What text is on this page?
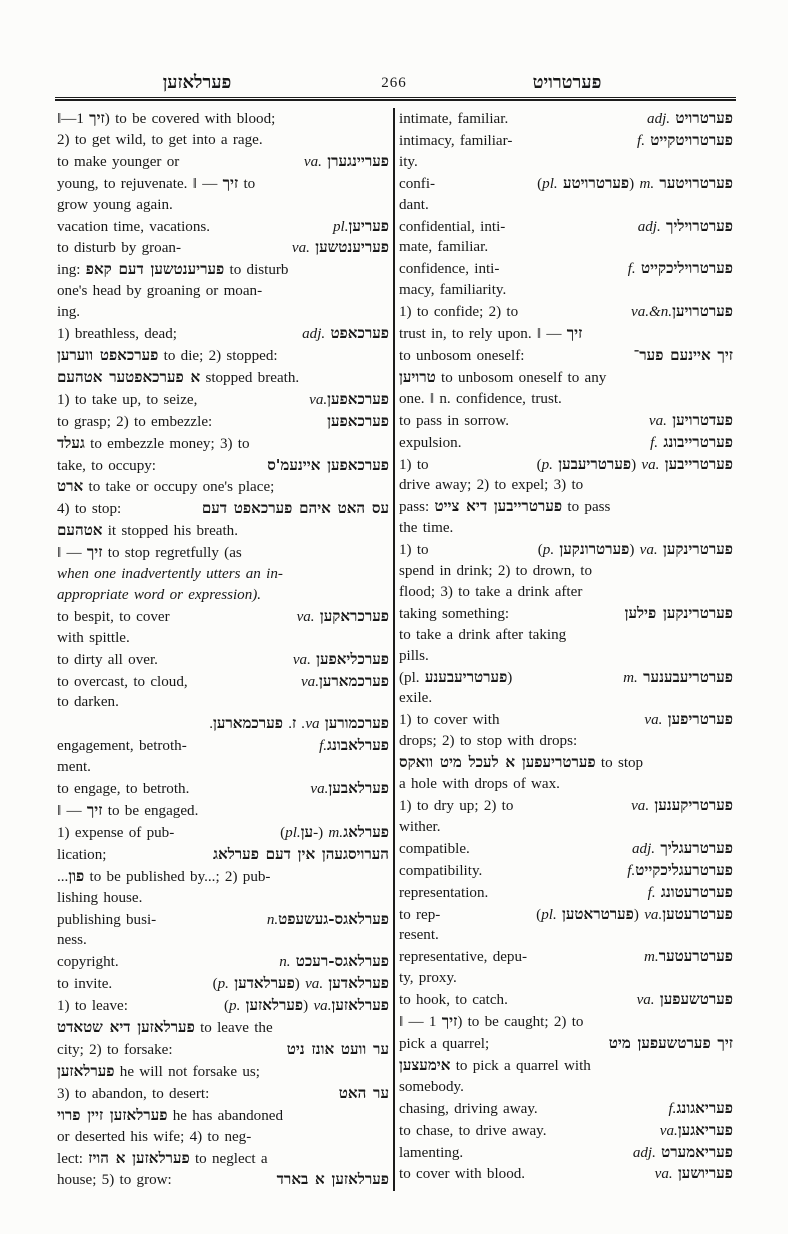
פערלאזען	266	פערטרויט
‖— זיך 1) to be covered with blood;
2) to get wild, to get into a rage.
to make younger or	va. פעריינגערן
young, to rejuvenate. ‖ — זיך to
grow young again.
vacation time, vacations.	pl.פעריען
to disturb by groan-	va. פעריענטשען
ing: פעריענטשען דעם קאפ to disturb
one's head by groaning or moan-
ing.
1) breathless, dead;	adj. פערכאפט
פערכאפט ווערען to die; 2) stopped:
א פערכאפטער אטהעם stopped breath.
1) to take up, to seize,	va.פערכאפען
to grasp; 2) to embezzle:	פערכאפען
געלד to embezzle money; 3) to
take, to occupy:	פערכאפען איינעמ'ס
ארט to take or occupy one's place;
4) to stop:	עס האט איהם פערכאפט דעם
אטהעם it stopped his breath.
‖ — זיך to stop regretfully (as
when one inadvertently utters an in-
appropriate word or expression).
to bespit, to cover	va. פערכראקען
with spittle.
to dirty all over.	va. פערכליאפען
to overcast, to cloud,	va.פערכמארען
to darken.
פערכמורען va. ז. פערכמארען.
engagement, betroth-	f.פערלאבונג
ment.
to engage, to betroth.	va.פערלאבען
‖ — זיך to be engaged.
1) expense of pub-	(pl.ען-) m.פערלאג
lication;	הערויסגעהן אין דעם פערלאג
...פון to be published by...; 2) pub-
lishing house.
publishing busi-	n.פערלאגס-געשעפט
ness.
copyright.	n. פערלאגס-רעכט
to invite.	(p. פערלאדען) va. פערלאדען
1) to leave:	(p. פערלאזען) va.פערלאזען
פערלאזען דיא שטאדט to leave the
city; 2) to forsake:	ער וועט אונז ניט
פערלאזען he will not forsake us;
3) to abandon, to desert:	ער האט
פערלאזען זיין פרוי he has abandoned
or deserted his wife; 4) to neg-
lect: פערלאזען א הויז to neglect a
house; 5) to grow:	פערלאזען א בארד
intimate, familiar.	adj. פערטרויט
intimacy, familiar-	f. פערטרויטקייט
ity.
confi-	(pl. פערטרויטע) m. פערטרויטער
dant.
confidential, inti-	adj. פערטרויליך
mate, familiar.
confidence, inti-	f. פערטרויליכקייט
macy, familiarity.
1) to confide; 2) to	va.&n.פערטרויען
trust in, to rely upon. ‖ — זיך
to unbosom oneself:	זיך איינעם פער־
טרויען to unbosom oneself to any
one. ‖ n. confidence, trust.
to pass in sorrow.	va. פעדטרויען
expulsion.	f. פערטרייבונג
1) to	(p. פערטריעבען) va. פערטרייבען
drive away; 2) to expel; 3) to
pass: פערטרייבען דיא צייט to pass
the time.
1) to	(p. פערטרונקען) va. פערטרינקען
spend in drink; 2) to drown, to
flood; 3) to take a drink after
taking something:	פערטרינקען פילען
to take a drink after taking
pills.
(pl. פערטריעבענע)	m. פערטריעבענער
exile.
1) to cover with	va. פערטריפען
drops; 2) to stop with drops:
פערטריעפען א לעכל מיט וואקס to stop
a hole with drops of wax.
1) to dry up; 2) to	va. פערטריקענען
wither.
compatible.	adj. פערטרעגליך
compatibility.	f.פערטרעגליכקייט
representation.	f. פערטרעטונג
to rep-	(pl. פערטראטען) va.פערטרעטען
resent.
representative, depu-	m.פערטרעטער
ty, proxy.
to hook, to catch.	va. פערטשעפען
‖ — זיך 1) to be caught; 2) to
pick a quarrel;	זיך פערטשעפען מיט
אימעצען to pick a quarrel with
somebody.
chasing, driving away.	f.פעריאגונג
to chase, to drive away.	va.פעריאגען
lamenting.	adj. פעריאמערט
to cover with blood.	va. פעריושען
